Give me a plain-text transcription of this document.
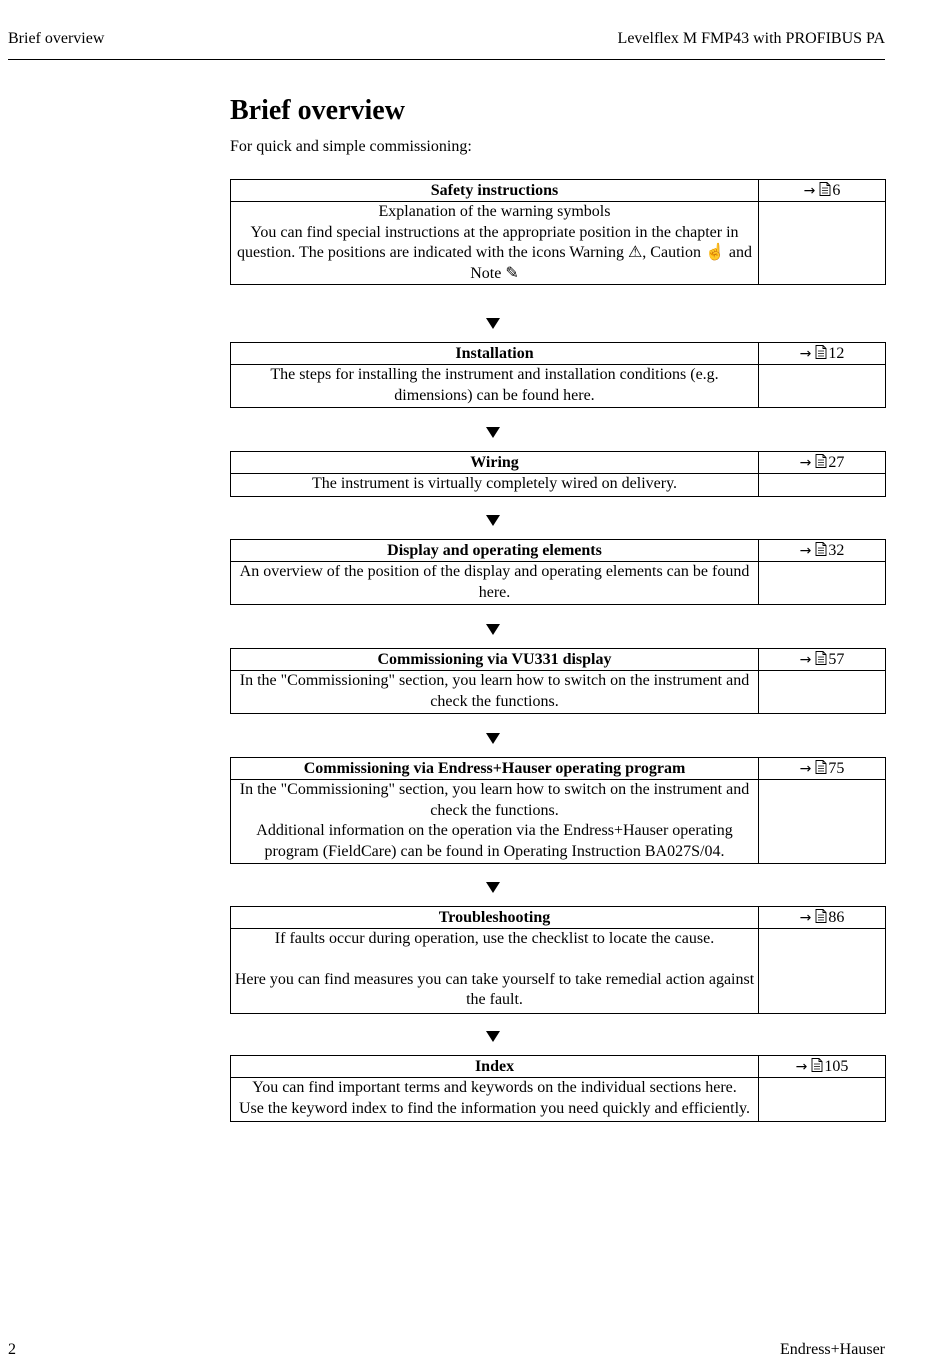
Brief overview	Levelflex M FMP43 with PROFIBUS PA
Brief overview
For quick and simple commissioning:
Safety instructions	→ 6

Explanation of the warning symbols

You can find special instructions at the appropriate position in the chapter in question. The positions are indicated with the icons Warning ⚠, Caution ☝ and Note ✎

Installation	→ 12

The steps for installing the instrument and installation conditions (e.g. dimensions) can be found here.

Wiring	→ 27

The instrument is virtually completely wired on delivery.

Display and operating elements	→ 32

An overview of the position of the display and operating elements can be found here.

Commissioning via VU331 display	→ 57

In the "Commissioning" section, you learn how to switch on the instrument and check the functions.

Commissioning via Endress+Hauser operating program	→ 75

In the "Commissioning" section, you learn how to switch on the instrument and check the functions.

Additional information on the operation via the Endress+Hauser operating program (FieldCare) can be found in Operating Instruction BA027S/04.

Troubleshooting	→ 86

If faults occur during operation, use the checklist to locate the cause.

Here you can find measures you can take yourself to take remedial action against the fault.

Index	→ 105

You can find important terms and keywords on the individual sections here.

Use the keyword index to find the information you need quickly and efficiently.

2	Endress+Hauser
